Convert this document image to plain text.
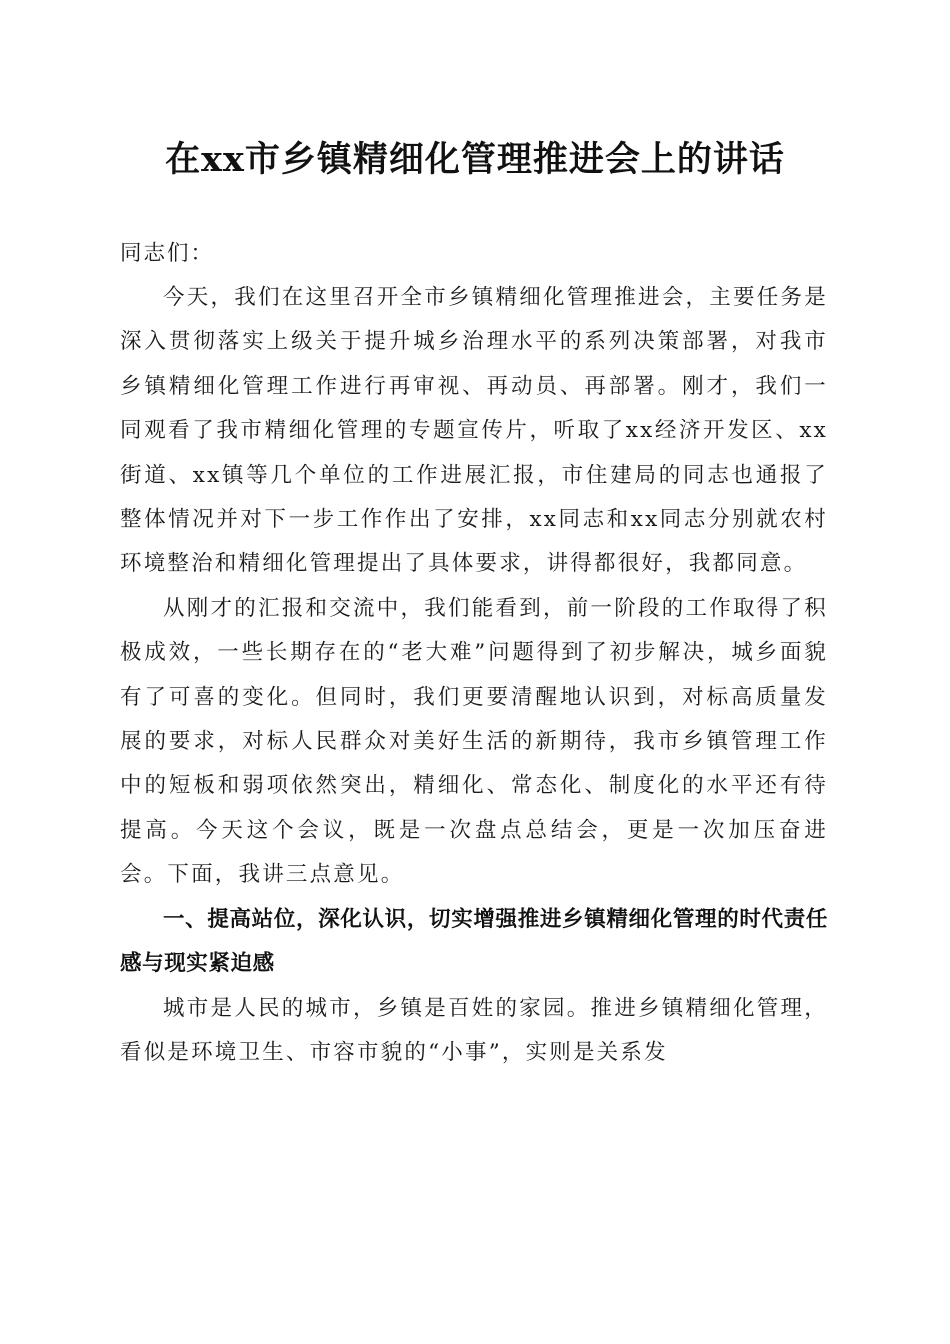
在xx市乡镇精细化管理推进会上的讲话
同志们：

今天，我们在这里召开全市乡镇精细化管理推进会，主要任务是深入贯彻落实上级关于提升城乡治理水平的系列决策部署，对我市乡镇精细化管理工作进行再审视、再动员、再部署。刚才，我们一同观看了我市精细化管理的专题宣传片，听取了xx经济开发区、xx街道、xx镇等几个单位的工作进展汇报，市住建局的同志也通报了整体情况并对下一步工作作出了安排，xx同志和xx同志分别就农村环境整治和精细化管理提出了具体要求，讲得都很好，我都同意。

从刚才的汇报和交流中，我们能看到，前一阶段的工作取得了积极成效，一些长期存在的“老大难”问题得到了初步解决，城乡面貌有了可喜的变化。但同时，我们更要清醒地认识到，对标高质量发展的要求，对标人民群众对美好生活的新期待，我市乡镇管理工作中的短板和弱项依然突出，精细化、常态化、制度化的水平还有待提高。今天这个会议，既是一次盘点总结会，更是一次加压奋进会。下面，我讲三点意见。

一、提高站位，深化认识，切实增强推进乡镇精细化管理的时代责任感与现实紧迫感

城市是人民的城市，乡镇是百姓的家园。推进乡镇精细化管理，看似是环境卫生、市容市貌的“小事”，实则是关系发
